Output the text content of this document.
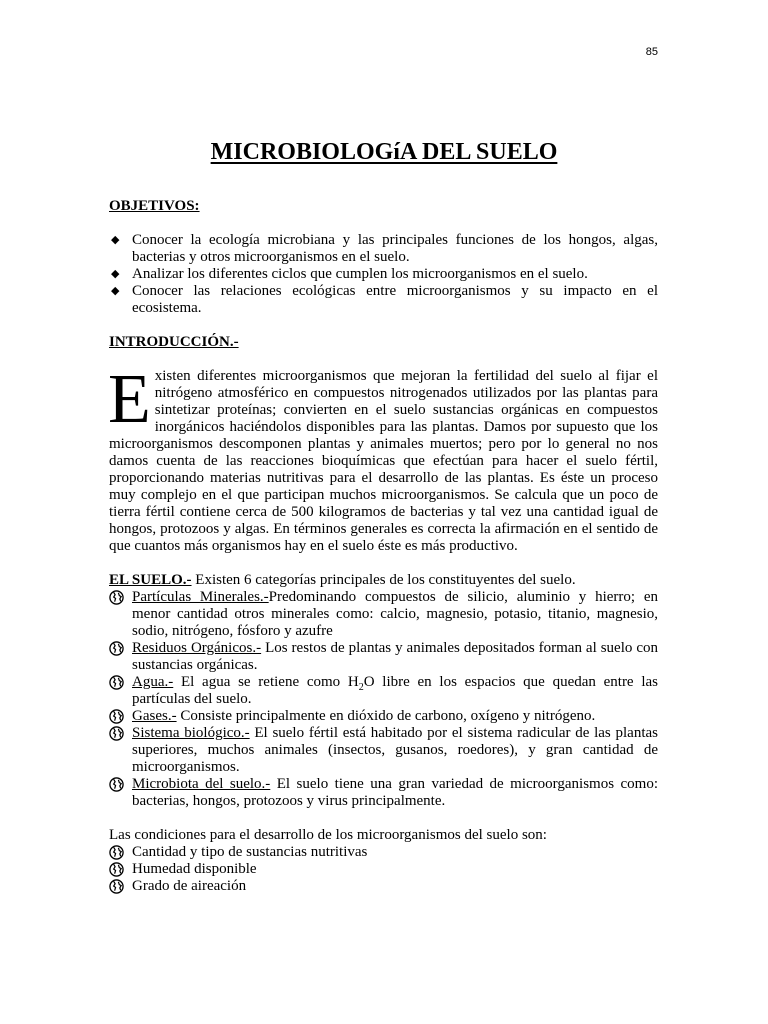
85
MICROBIOLOGíA DEL SUELO
OBJETIVOS:
◆ Conocer la ecología microbiana y las principales funciones de los hongos, algas, bacterias y otros microorganismos en el suelo.
◆ Analizar los diferentes ciclos que cumplen los microorganismos en el suelo.
◆ Conocer las relaciones ecológicas entre microorganismos y su impacto en el ecosistema.
INTRODUCCIÓN.-
Existen diferentes microorganismos que mejoran la fertilidad del suelo al fijar el nitrógeno atmosférico en compuestos nitrogenados utilizados por las plantas para sintetizar proteínas; convierten en el suelo sustancias orgánicas en compuestos inorgánicos haciéndolos disponibles para las plantas. Damos por supuesto que los microorganismos descomponen plantas y animales muertos; pero por lo general no nos damos cuenta de las reacciones bioquímicas que efectúan para hacer el suelo fértil, proporcionando materias nutritivas para el desarrollo de las plantas. Es éste un proceso muy complejo en el que participan muchos microorganismos. Se calcula que un poco de tierra fértil contiene cerca de 500 kilogramos de bacterias y tal vez una cantidad igual de hongos, protozoos y algas. En términos generales es correcta la afirmación en el sentido de que cuantos más organismos hay en el suelo éste es más productivo.
EL SUELO.- Existen 6 categorías principales de los constituyentes del suelo.
Partículas Minerales.-Predominando compuestos de silicio, aluminio y hierro; en menor cantidad otros minerales como: calcio, magnesio, potasio, titanio, magnesio, sodio, nitrógeno, fósforo y azufre
Residuos Orgánicos.- Los restos de plantas y animales depositados forman al suelo con sustancias orgánicas.
Agua.- El agua se retiene como $H_2O$ libre en los espacios que quedan entre las partículas del suelo.
Gases.- Consiste principalmente en dióxido de carbono, oxígeno y nitrógeno.
Sistema biológico.- El suelo fértil está habitado por el sistema radicular de las plantas superiores, muchos animales (insectos, gusanos, roedores), y gran cantidad de microorganismos.
Microbiota del suelo.- El suelo tiene una gran variedad de microorganismos como: bacterias, hongos, protozoos y virus principalmente.
Las condiciones para el desarrollo de los microorganismos del suelo son:
Cantidad y tipo de sustancias nutritivas
Humedad disponible
Grado de aireación
